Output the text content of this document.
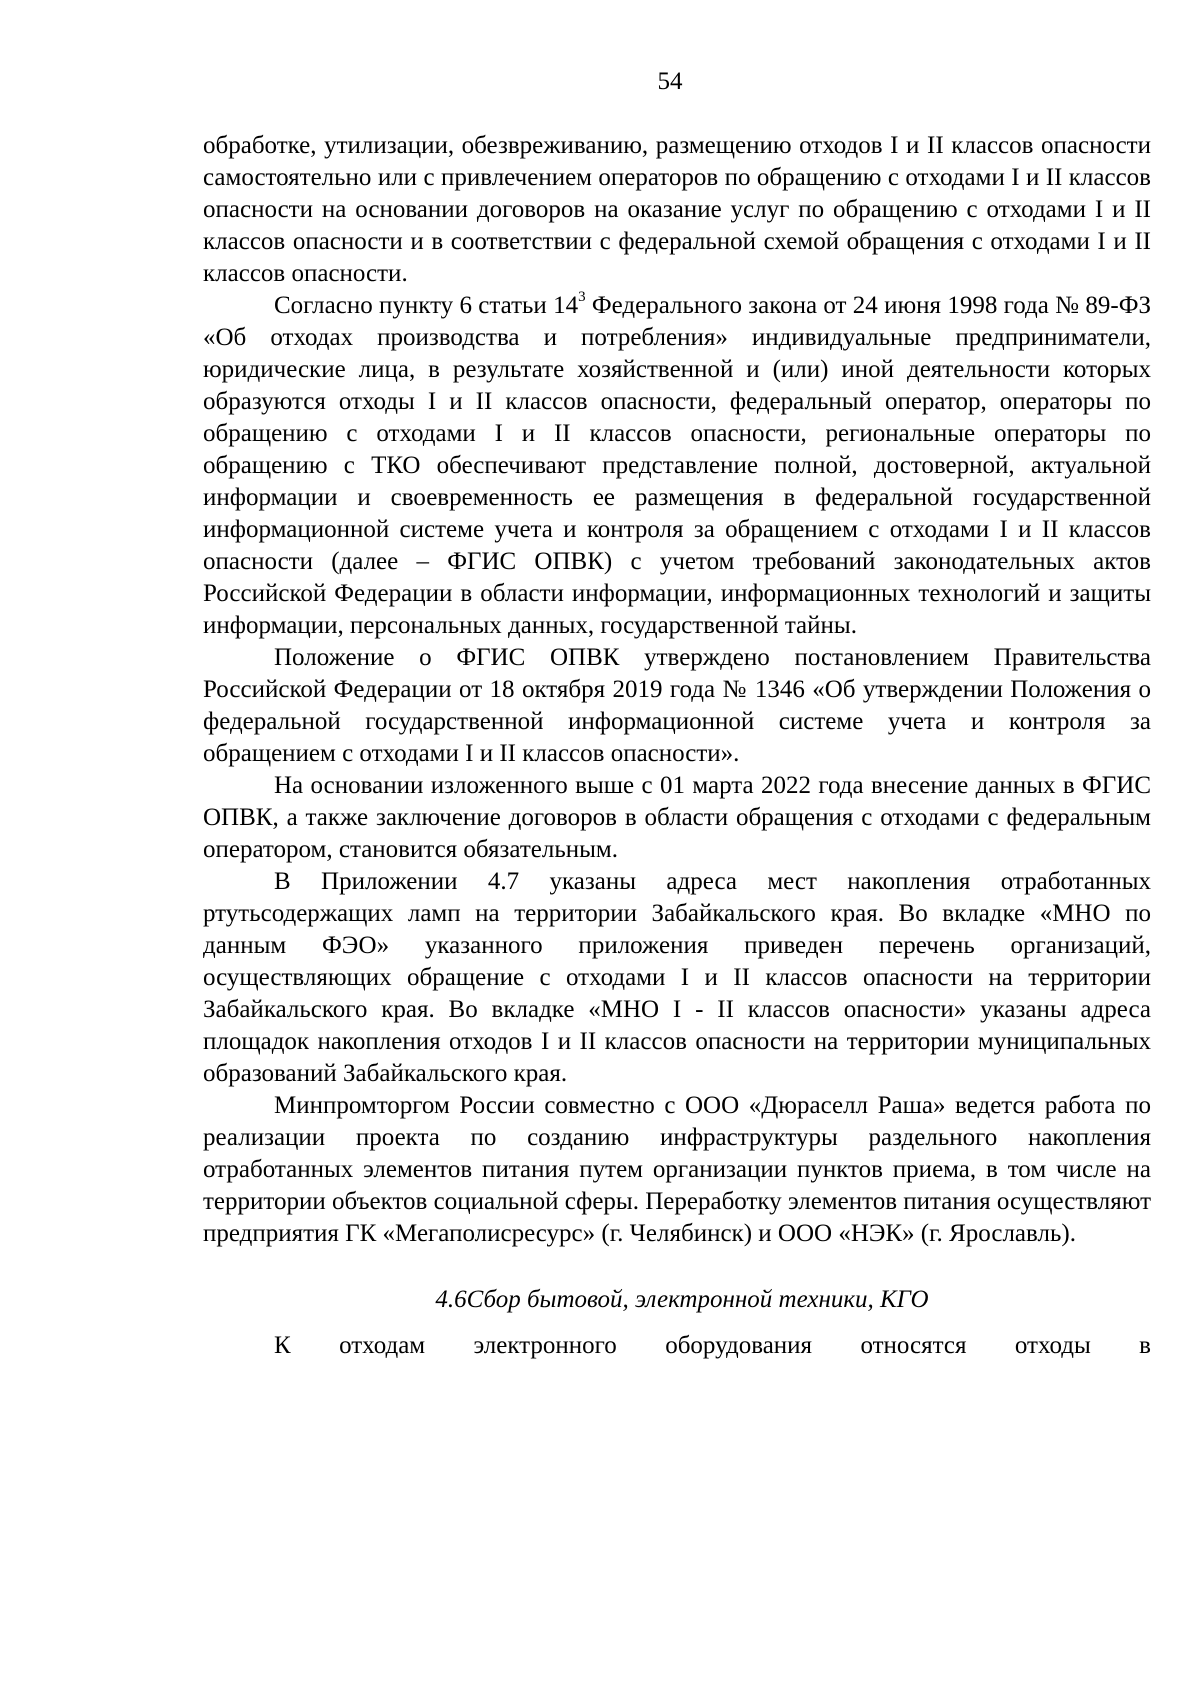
54

обработке, утилизации, обезвреживанию, размещению отходов I и II классов опасности самостоятельно или с привлечением операторов по обращению с отходами I и II классов опасности на основании договоров на оказание услуг по обращению с отходами I и II классов опасности и в соответствии с федеральной схемой обращения с отходами I и II классов опасности.

Согласно пункту 6 статьи $14^3$ Федерального закона от 24 июня 1998 года № 89-ФЗ «Об отходах производства и потребления» индивидуальные предприниматели, юридические лица, в результате хозяйственной и (или) иной деятельности которых образуются отходы I и II классов опасности, федеральный оператор, операторы по обращению с отходами I и II классов опасности, региональные операторы по обращению с ТКО обеспечивают представление полной, достоверной, актуальной информации и своевременность ее размещения в федеральной государственной информационной системе учета и контроля за обращением с отходами I и II классов опасности (далее – ФГИС ОПВК) с учетом требований законодательных актов Российской Федерации в области информации, информационных технологий и защиты информации, персональных данных, государственной тайны.

Положение о ФГИС ОПВК утверждено постановлением Правительства Российской Федерации от 18 октября 2019 года № 1346 «Об утверждении Положения о федеральной государственной информационной системе учета и контроля за обращением с отходами I и II классов опасности».

На основании изложенного выше с 01 марта 2022 года внесение данных в ФГИС ОПВК, а также заключение договоров в области обращения с отходами с федеральным оператором, становится обязательным.

В Приложении 4.7 указаны адреса мест накопления отработанных ртутьсодержащих ламп на территории Забайкальского края. Во вкладке «МНО по данным ФЭО» указанного приложения приведен перечень организаций, осуществляющих обращение с отходами I и II классов опасности на территории Забайкальского края. Во вкладке «МНО I - II классов опасности» указаны адреса площадок накопления отходов I и II классов опасности на территории муниципальных образований Забайкальского края.

Минпромторгом России совместно с ООО «Дюраселл Раша» ведется работа по реализации проекта по созданию инфраструктуры раздельного накопления отработанных элементов питания путем организации пунктов приема, в том числе на территории объектов социальной сферы. Переработку элементов питания осуществляют предприятия ГК «Мегаполисресурс» (г. Челябинск) и ООО «НЭК» (г. Ярославль).

4.6Сбор бытовой, электронной техники, КГО

К отходам электронного оборудования относятся отходы в
